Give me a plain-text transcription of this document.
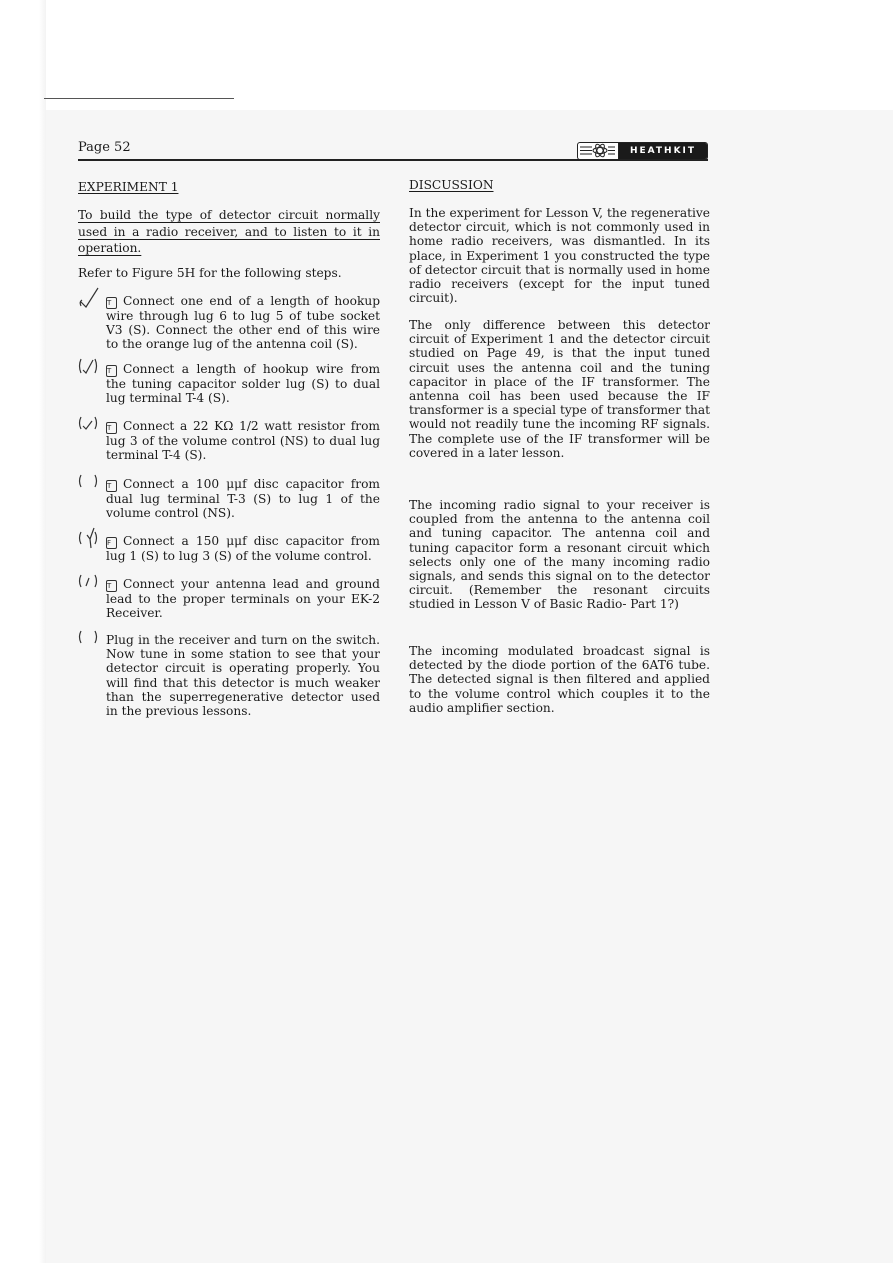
Page 52	HEATHKIT
EXPERIMENT 1
To build the type of detector circuit normally used in a radio receiver, and to listen to it in operation.
Refer to Figure 5H for the following steps.
T Connect one end of a length of hookup wire through lug 6 to lug 5 of tube socket V3 (S). Connect the other end of this wire to the orange lug of the antenna coil (S).
T Connect a length of hookup wire from the tuning capacitor solder lug (S) to dual lug terminal T-4 (S).
T Connect a 22 KΩ 1/2 watt resistor from lug 3 of the volume control (NS) to dual lug terminal T-4 (S).
T Connect a 100 μμf disc capacitor from dual lug terminal T-3 (S) to lug 1 of the volume control (NS).
F Connect a 150 μμf disc capacitor from lug 1 (S) to lug 3 (S) of the volume control.
T Connect your antenna lead and ground lead to the proper terminals on your EK-2 Receiver.
Plug in the receiver and turn on the switch. Now tune in some station to see that your detector circuit is operating properly. You will find that this detector is much weaker than the superregenerative detector used in the previous lessons.
DISCUSSION
In the experiment for Lesson V, the regenerative detector circuit, which is not commonly used in home radio receivers, was dismantled. In its place, in Experiment 1 you constructed the type of detector circuit that is normally used in home radio receivers (except for the input tuned circuit).
The only difference between this detector circuit of Experiment 1 and the detector circuit studied on Page 49, is that the input tuned circuit uses the antenna coil and the tuning capacitor in place of the IF transformer. The antenna coil has been used because the IF transformer is a special type of transformer that would not readily tune the incoming RF signals. The complete use of the IF transformer will be covered in a later lesson.
The incoming radio signal to your receiver is coupled from the antenna to the antenna coil and tuning capacitor. The antenna coil and tuning capacitor form a resonant circuit which selects only one of the many incoming radio signals, and sends this signal on to the detector circuit. (Remember the resonant circuits studied in Lesson V of Basic Radio- Part 1?)
The incoming modulated broadcast signal is detected by the diode portion of the 6AT6 tube. The detected signal is then filtered and applied to the volume control which couples it to the audio amplifier section.
